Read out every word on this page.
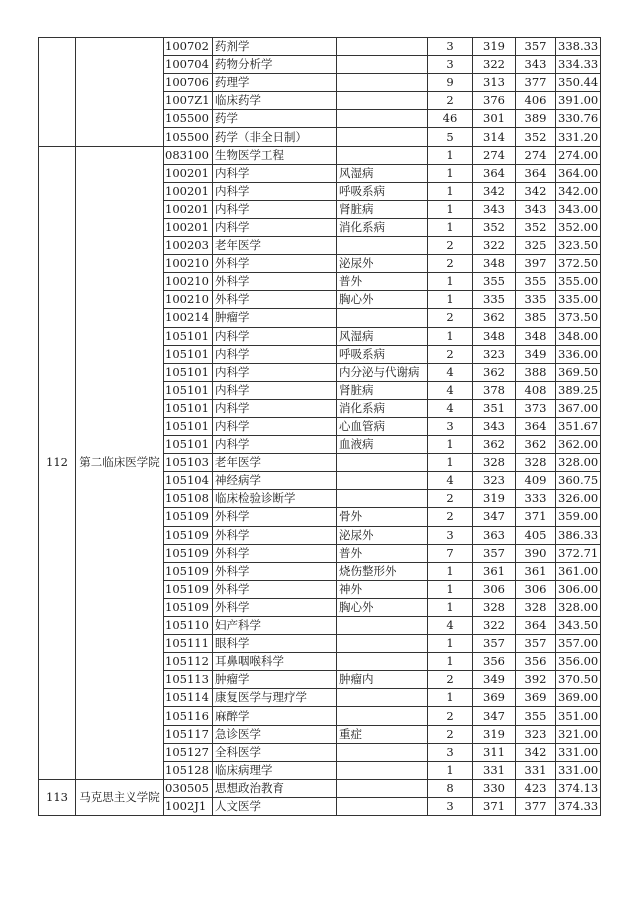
		100702	药剂学		3	319	357	338.33
		100704	药物分析学		3	322	343	334.33
		100706	药理学		9	313	377	350.44
		1007Z1	临床药学		2	376	406	391.00
		105500	药学		46	301	389	330.76
		105500	药学（非全日制）		5	314	352	331.20
112	第二临床医学院	083100	生物医学工程		1	274	274	274.00
		100201	内科学	风湿病	1	364	364	364.00
		100201	内科学	呼吸系病	1	342	342	342.00
		100201	内科学	肾脏病	1	343	343	343.00
		100201	内科学	消化系病	1	352	352	352.00
		100203	老年医学		2	322	325	323.50
		100210	外科学	泌尿外	2	348	397	372.50
		100210	外科学	普外	1	355	355	355.00
		100210	外科学	胸心外	1	335	335	335.00
		100214	肿瘤学		2	362	385	373.50
		105101	内科学	风湿病	1	348	348	348.00
		105101	内科学	呼吸系病	2	323	349	336.00
		105101	内科学	内分泌与代谢病	4	362	388	369.50
		105101	内科学	肾脏病	4	378	408	389.25
		105101	内科学	消化系病	4	351	373	367.00
		105101	内科学	心血管病	3	343	364	351.67
		105101	内科学	血液病	1	362	362	362.00
		105103	老年医学		1	328	328	328.00
		105104	神经病学		4	323	409	360.75
		105108	临床检验诊断学		2	319	333	326.00
		105109	外科学	骨外	2	347	371	359.00
		105109	外科学	泌尿外	3	363	405	386.33
		105109	外科学	普外	7	357	390	372.71
		105109	外科学	烧伤整形外	1	361	361	361.00
		105109	外科学	神外	1	306	306	306.00
		105109	外科学	胸心外	1	328	328	328.00
		105110	妇产科学		4	322	364	343.50
		105111	眼科学		1	357	357	357.00
		105112	耳鼻咽喉科学		1	356	356	356.00
		105113	肿瘤学	肿瘤内	2	349	392	370.50
		105114	康复医学与理疗学		1	369	369	369.00
		105116	麻醉学		2	347	355	351.00
		105117	急诊医学	重症	2	319	323	321.00
		105127	全科医学		3	311	342	331.00
		105128	临床病理学		1	331	331	331.00
113	马克思主义学院	030505	思想政治教育		8	330	423	374.13
		1002J1	人文医学		3	371	377	374.33
